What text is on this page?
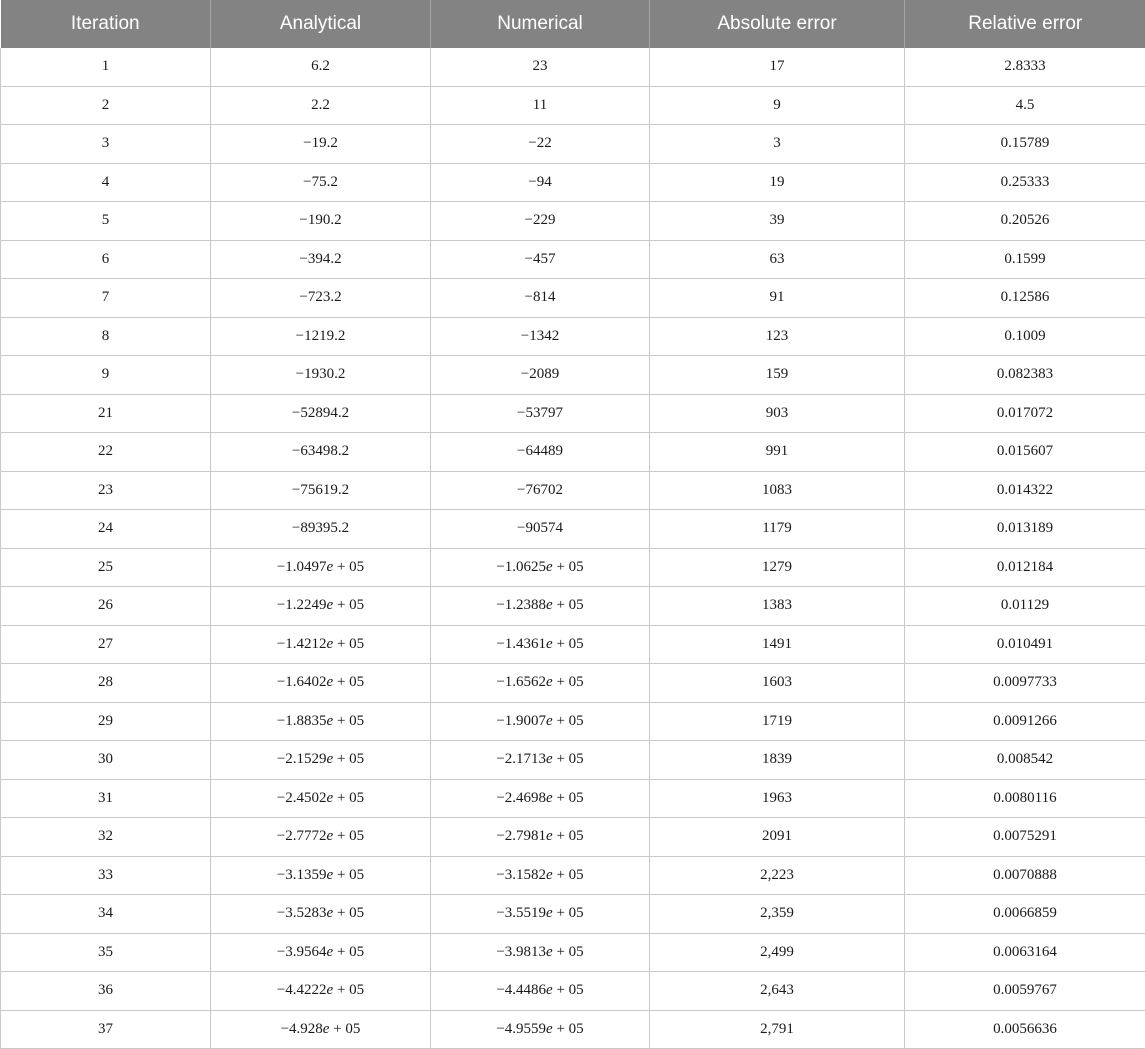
Iteration	Analytical	Numerical	Absolute error	Relative error
1	6.2	23	17	2.8333
2	2.2	11	9	4.5
3	−19.2	−22	3	0.15789
4	−75.2	−94	19	0.25333
5	−190.2	−229	39	0.20526
6	−394.2	−457	63	0.1599
7	−723.2	−814	91	0.12586
8	−1219.2	−1342	123	0.1009
9	−1930.2	−2089	159	0.082383
21	−52894.2	−53797	903	0.017072
22	−63498.2	−64489	991	0.015607
23	−75619.2	−76702	1083	0.014322
24	−89395.2	−90574	1179	0.013189
25	−1.0497e + 05	−1.0625e + 05	1279	0.012184
26	−1.2249e + 05	−1.2388e + 05	1383	0.01129
27	−1.4212e + 05	−1.4361e + 05	1491	0.010491
28	−1.6402e + 05	−1.6562e + 05	1603	0.0097733
29	−1.8835e + 05	−1.9007e + 05	1719	0.0091266
30	−2.1529e + 05	−2.1713e + 05	1839	0.008542
31	−2.4502e + 05	−2.4698e + 05	1963	0.0080116
32	−2.7772e + 05	−2.7981e + 05	2091	0.0075291
33	−3.1359e + 05	−3.1582e + 05	2,223	0.0070888
34	−3.5283e + 05	−3.5519e + 05	2,359	0.0066859
35	−3.9564e + 05	−3.9813e + 05	2,499	0.0063164
36	−4.4222e + 05	−4.4486e + 05	2,643	0.0059767
37	−4.928e + 05	−4.9559e + 05	2,791	0.0056636
